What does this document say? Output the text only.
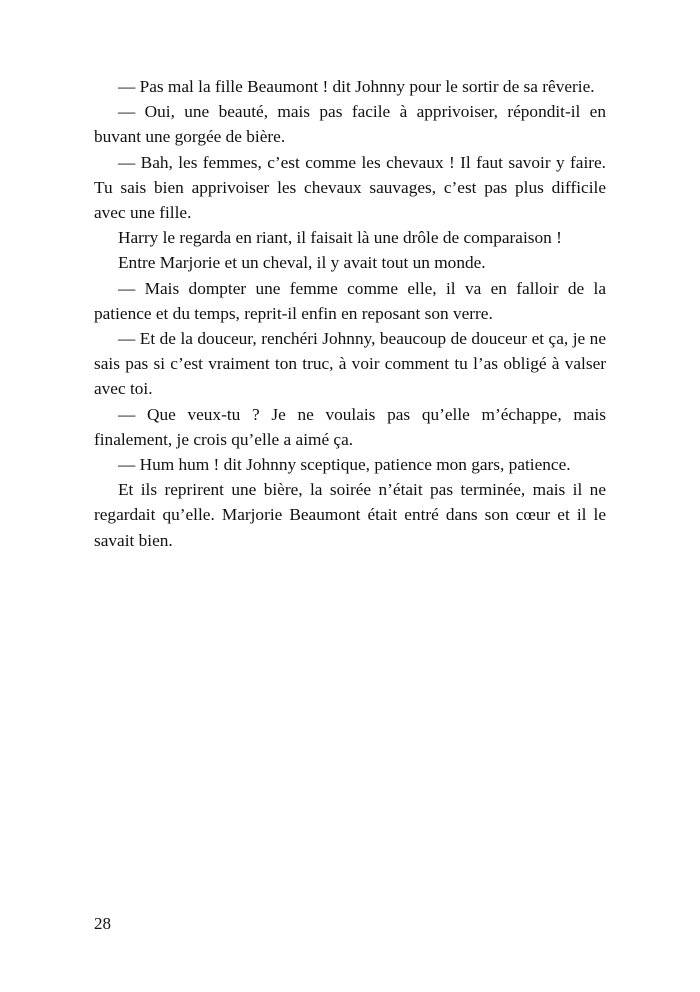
— Pas mal la fille Beaumont ! dit Johnny pour le sortir de sa rêverie.

— Oui, une beauté, mais pas facile à apprivoiser, répondit-il en buvant une gorgée de bière.

— Bah, les femmes, c’est comme les chevaux ! Il faut savoir y faire. Tu sais bien apprivoiser les chevaux sauvages, c’est pas plus difficile avec une fille.

Harry le regarda en riant, il faisait là une drôle de comparaison !

Entre Marjorie et un cheval, il y avait tout un monde.

— Mais dompter une femme comme elle, il va en falloir de la patience et du temps, reprit-il enfin en reposant son verre.

— Et de la douceur, renchéri Johnny, beaucoup de douceur et ça, je ne sais pas si c’est vraiment ton truc, à voir comment tu l’as obligé à valser avec toi.

— Que veux-tu ? Je ne voulais pas qu’elle m’échappe, mais finalement, je crois qu’elle a aimé ça.

— Hum hum ! dit Johnny sceptique, patience mon gars, patience.

Et ils reprirent une bière, la soirée n’était pas terminée, mais il ne regardait qu’elle. Marjorie Beaumont était entré dans son cœur et il le savait bien.

28
